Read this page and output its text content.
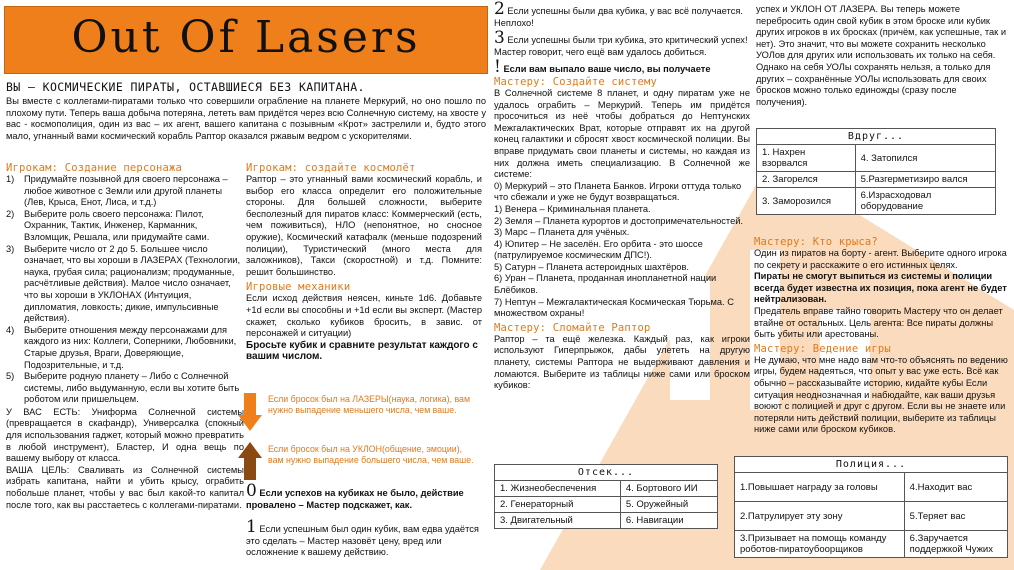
Out Of Lasers
ВЫ – КОСМИЧЕСКИЕ ПИРАТЫ, ОСТАВШИЕСЯ БЕЗ КАПИТАНА.
Вы вместе с коллегами-пиратами только что совершили ограбление на планете Меркурий, но оно пошло по плохому пути. Теперь ваша добыча потеряна, лететь вам придётся через всю Солнечную систему, на хвосте у вас - космополиция, один из вас – их агент, вашего капитана с позывным «Крот» застрелили и, будто этого мало, угнанный вами космический корабль Раптор оказался ржавым ведром с ускорителями.
Игрокам: Создание персонажа
1)	Придумайте позывной для своего персонажа – любое животное с Земли или другой планеты (Лев, Крыса, Енот, Лиса, и т.д.)
2)	Выберите роль своего персонажа: Пилот, Охранник, Тактик, Инженер, Карманник, Взломщик, Решала, или придумайте сами.
3)	Выберите число от 2 до 5. Большее число означает, что вы хороши в ЛАЗЕРАХ (Технологии, наука, грубая сила; рационализм; продуманные, расчётливые действия). Малое число означает, что вы хороши в УКЛОНАХ (Интуиция, дипломатия, ловкость; дикие, импульсивные действия).
4)	Выберите отношения между персонажами для каждого из них: Коллеги, Соперники, Любовники, Старые друзья, Враги, Доверяющие, Подозрительные, и т.д.
5)	Выберите родную планету – Либо с Солнечной системы, либо выдуманную, если вы хотите быть роботом или пришельцем.
У ВАС ЕСТЬ: Униформа Солнечной системы (превращается в скафандр), Универсалка (спокный для использования гаджет, который можно превратить в любой инструмент), Бластер, И одна вещь по вашему выбору от класса.
ВАША ЦЕЛЬ: Сваливать из Солнечной системы избрать капитана, найти и убить крысу, ограбить побольше планет, чтобы у вас был какой-то капитал после того, как вы расстаетесь с коллегами-пиратами.
Игрокам: создайте космолёт
Раптор – это угнанный вами космический корабль, и выбор его класса определит его положительные стороны. Для большей сложности, выберите бесполезный для пиратов класс: Коммерческий (есть, чем поживиться), НЛО (непонятное, но сносное оружие), Космический катафалк (меньше подозрений полиции), Туристический (много места для заложников), Такси (скоростной) и т.д. Помните: решит большинство.
Игровые механики
Если исход действия неясен, киньте 1d6. Добавьте +1d если вы способны и +1d если вы эксперт. (Мастер скажет, сколько кубиков бросить, в завис. от персонажей и ситуации)
Бросьте кубик и сравните результат каждого с вашим числом.
Если бросок был на ЛАЗЕРЫ(наука, логика), вам нужно выпадение меньшего числа, чем ваше.
Если бросок был на УКЛОН(общение, эмоции), вам нужно выпадение большего числа, чем ваше.
0 Если успехов на кубиках не было, действие провалено – Мастер подскажет, как.
1 Если успешным был один кубик, вам едва удаётся это сделать – Мастер назовёт цену, вред или осложнение к вашему действию.
2 Если успешны были два кубика, у вас всё получается. Неплохо!
3 Если успешны были три кубика, это критический успех! Мастер говорит, чего ещё вам удалось добиться.
! Если вам выпало ваше число, вы получаете
Мастеру: Создайте систему
В Солнечной системе 8 планет, и одну пиратам уже не удалось ограбить – Меркурий. Теперь им придётся просочиться из неё чтобы добраться до Нептунских Межгалактических Врат, которые отправят их на другой конец галактики и сбросят хвост космической полиции. Вы вправе придумать свои планеты и системы, но каждая из них должна иметь специализацию. В Солнечной же системе:
0) Меркурий – это Планета Банков. Игроки оттуда только что сбежали и уже не будут возвращаться.
1) Венера – Криминальная планета.
2) Земля – Планета курортов и достопримечательностей.
3) Марс – Планета для учёных.
4) Юпитер – Не заселён. Его орбита - это шоссе (патрулируемое космическим ДПС!).
5) Сатурн – Планета астероидных шахтёров.
6) Уран – Планета, проданная инопланетной нации Блёбиков.
7) Нептун – Межгалактическая Космическая Тюрьма. С множеством охраны!
Мастеру: Сломайте Раптор
Раптор – та ещё железка. Каждый раз, как игроки используют Гиперпрыжок, дабы улететь на другую планету, системы Раптора не выдерживают давления и ломаются. Выберите из таблицы ниже сами или броском кубиков:
Отсек...	
1. Жизнеобеспечения	4. Бортового ИИ
2. Генераторный	5. Оружейный
3. Двигательный	6. Навигации
успех и УКЛОН ОТ ЛАЗЕРА. Вы теперь можете перебросить один свой кубик в этом броске или кубик других игроков в их бросках (причём, как успешные, так и нет). Это значит, что вы можете сохранить несколько УОЛов для других или использовать их только на себя. Однако на себя УОЛы сохранять нельзя, а только для других – сохранённые УОЛы использовать для своих бросков можно только единожды (сразу после получения).
Вдруг...	
1. Нахрен взорвался	4. Затопился
2. Загорелся	5.Разгерметизиро вался
3. Заморозился	6.Израсходовал оборудование
Мастеру: Кто крыса?
Один из пиратов на борту - агент. Выберите одного игрока по секрету и расскажите о его истинных целях.
Пираты не смогут выпиться из системы и полиции всегда будет известна их позиция, пока агент не будет нейтрализован.
Предатель вправе тайно говорить Мастеру что он делает втайне от остальных. Цель агента: Все пираты должны быть убиты или арестованы.
Мастеру: Ведение игры
Не думаю, что мне надо вам что-то объяснять по ведению игры, будем надеяться, что опыт у вас уже есть. Всё как обычно – рассказывайте историю, кидайте кубы Если ситуация неоднозначная и набюдайте, как ваши друзья воюют с полицией и друг с другом. Если вы не знаете или потеряли нить действий полиции, выберите из таблицы ниже сами или броском кубиков.
Полиция...	
1.Повышает награду за головы	4.Находит вас
2.Патрулирует эту зону	5.Теряет вас
3.Призывает на помощь команду роботов-пиратоубоорщиков	6.Заручается поддержкой Чужих
